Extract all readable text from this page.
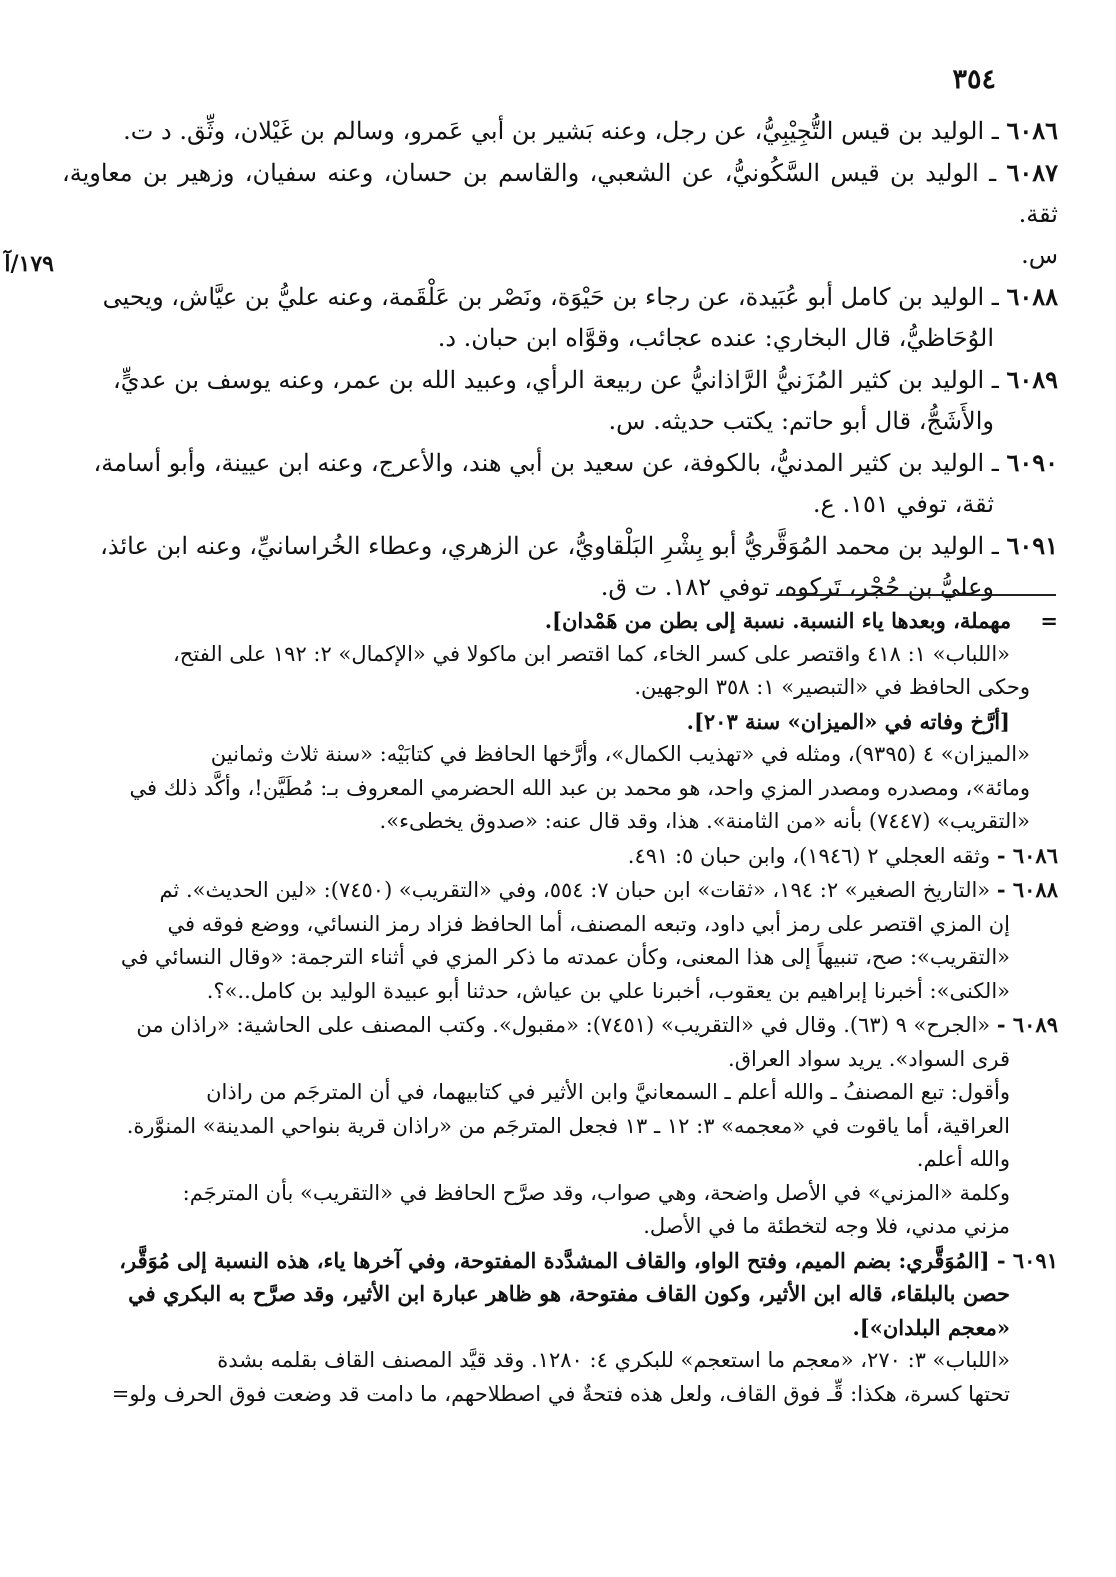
٣٥٤
١٧٩/آ

٦٠٨٦ ـ الوليد بن قيس التُّجِيْبِيُّ، عن رجل، وعنه بَشير بن أبي عَمرو، وسالم بن غَيْلان، وثِّق. د ت.

٦٠٨٧ ـ الوليد بن قيس السَّكُونيُّ، عن الشعبي، والقاسم بن حسان، وعنه سفيان، وزهير بن معاوية، ثقة.

س.

٦٠٨٨ ـ الوليد بن كامل أبو عُبَيدة، عن رجاء بن حَيْوَة، ونَصْر بن عَلْقَمة، وعنه عليُّ بن عيَّاش، ويحيى

الوُحَاظيُّ، قال البخاري: عنده عجائب، وقوَّاه ابن حبان. د.

٦٠٨٩ ـ الوليد بن كثير المُزَنيُّ الرَّاذانيُّ عن ربيعة الرأي، وعبيد الله بن عمر، وعنه يوسف بن عديٍّ،

والأَشَجُّ، قال أبو حاتم: يكتب حديثه. س.

٦٠٩٠ ـ الوليد بن كثير المدنيُّ، بالكوفة، عن سعيد بن أبي هند، والأعرج، وعنه ابن عيينة، وأبو أسامة،

ثقة، توفي ١٥١. ع.

٦٠٩١ ـ الوليد بن محمد المُوَقَّريُّ أبو بِشْرِ البَلْقاويُّ، عن الزهري، وعطاء الخُراسانيِّ، وعنه ابن عائذ،

وعليُّ بن حُجْر، تَركوه، توفي ١٨٢. ت ق.

=    مهملة، وبعدها ياء النسبة. نسبة إلى بطن من هَمْدان].

«اللباب» ١: ٤١٨ واقتصر على كسر الخاء، كما اقتصر ابن ماكولا في «الإكمال» ٢: ١٩٢ على الفتح،

وحكى الحافظ في «التبصير» ١: ٣٥٨ الوجهين.

[أرَّخ وفاته في «الميزان» سنة ٢٠٣].

«الميزان» ٤ (٩٣٩٥)، ومثله في «تهذيب الكمال»، وأرَّخها الحافظ في كتابَيْه: «سنة ثلاث وثمانين

ومائة»، ومصدره ومصدر المزي واحد، هو محمد بن عبد الله الحضرمي المعروف بـ: مُطَيَّن!، وأكَّد ذلك في

«التقريب» (٧٤٤٧) بأنه «من الثامنة». هذا، وقد قال عنه: «صدوق يخطىء».

٦٠٨٦ - وثقه العجلي ٢ (١٩٤٦)، وابن حبان ٥: ٤٩١.

٦٠٨٨ - «التاريخ الصغير» ٢: ١٩٤، «ثقات» ابن حبان ٧: ٥٥٤، وفي «التقريب» (٧٤٥٠): «لين الحديث». ثم

إن المزي اقتصر على رمز أبي داود، وتبعه المصنف، أما الحافظ فزاد رمز النسائي، ووضع فوقه في

«التقريب»: صح، تنبيهاً إلى هذا المعنى، وكأن عمدته ما ذكر المزي في أثناء الترجمة: «وقال النسائي في

«الكنى»: أخبرنا إبراهيم بن يعقوب، أخبرنا علي بن عياش، حدثنا أبو عبيدة الوليد بن كامل..»؟.

٦٠٨٩ - «الجرح» ٩ (٦٣). وقال في «التقريب» (٧٤٥١): «مقبول». وكتب المصنف على الحاشية: «راذان من

قرى السواد». يريد سواد العراق.

وأقول: تبع المصنفُ ـ والله أعلم ـ السمعانيَّ وابن الأثير في كتابيهما، في أن المترجَم من راذان

العراقية، أما ياقوت في «معجمه» ٣: ١٢ ـ ١٣ فجعل المترجَم من «راذان قرية بنواحي المدينة» المنوَّرة.

والله أعلم.

وكلمة «المزني» في الأصل واضحة، وهي صواب، وقد صرَّح الحافظ في «التقريب» بأن المترجَم:

مزني مدني، فلا وجه لتخطئة ما في الأصل.

٦٠٩١ - [المُوَقَّري: بضم الميم، وفتح الواو، والقاف المشدَّدة المفتوحة، وفي آخرها ياء، هذه النسبة إلى مُوَقَّر،

حصن بالبلقاء، قاله ابن الأثير، وكون القاف مفتوحة، هو ظاهر عبارة ابن الأثير، وقد صرَّح به البكري في

«معجم البلدان»].

«اللباب» ٣: ٢٧٠، «معجم ما استعجم» للبكري ٤: ١٢٨٠. وقد قيَّد المصنف القاف بقلمه بشدة

تحتها كسرة، هكذا: قِّـ فوق القاف، ولعل هذه فتحةٌ في اصطلاحهم، ما دامت قد وضعت فوق الحرف ولو=
